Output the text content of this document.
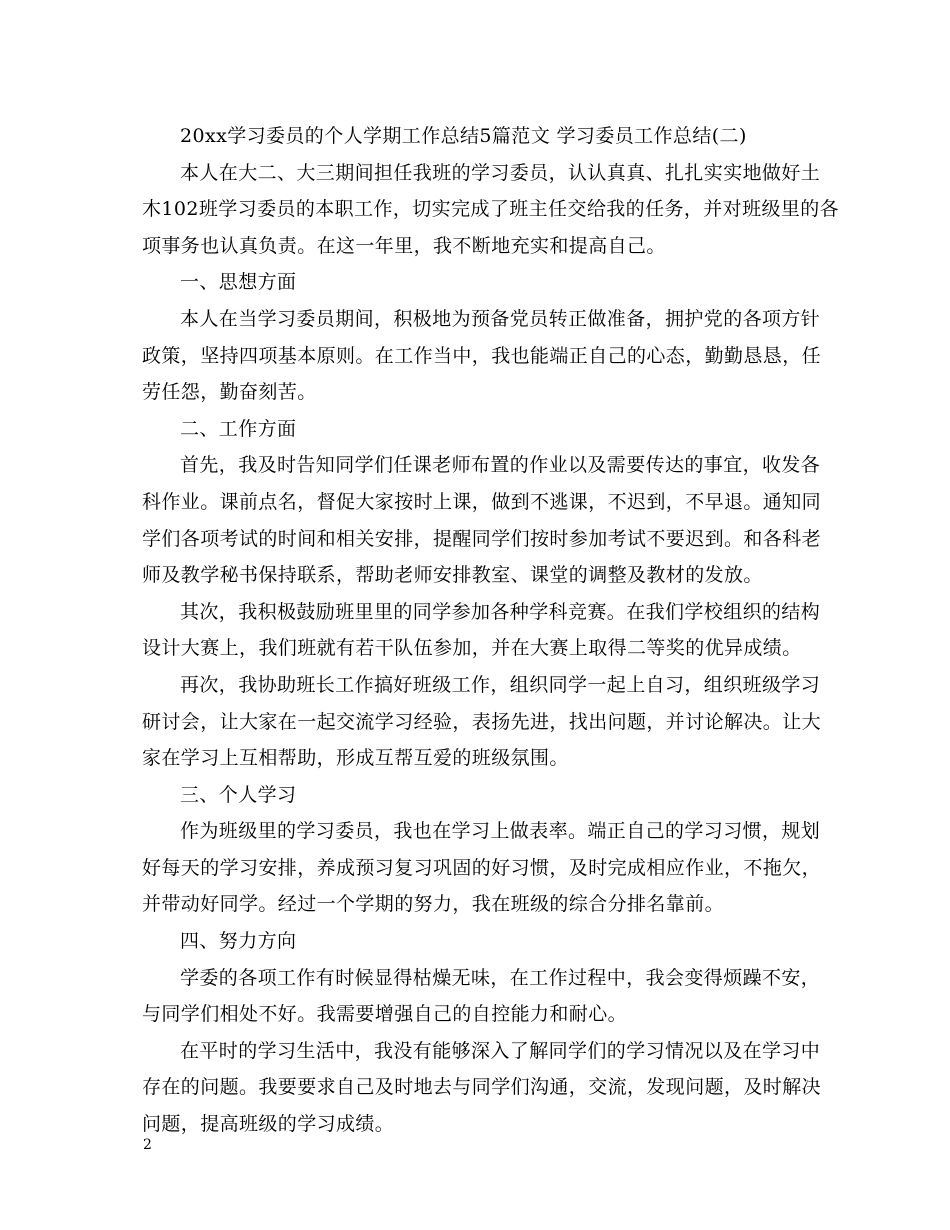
20xx学习委员的个人学期工作总结5篇范文 学习委员工作总结(二)
本人在大二、大三期间担任我班的学习委员，认认真真、扎扎实实地做好土
木102班学习委员的本职工作，切实完成了班主任交给我的任务，并对班级里的各
项事务也认真负责。在这一年里，我不断地充实和提高自己。
一、思想方面
本人在当学习委员期间，积极地为预备党员转正做准备，拥护党的各项方针
政策，坚持四项基本原则。在工作当中，我也能端正自己的心态，勤勤恳恳，任
劳任怨，勤奋刻苦。
二、工作方面
首先，我及时告知同学们任课老师布置的作业以及需要传达的事宜，收发各
科作业。课前点名，督促大家按时上课，做到不逃课，不迟到，不早退。通知同
学们各项考试的时间和相关安排，提醒同学们按时参加考试不要迟到。和各科老
师及教学秘书保持联系，帮助老师安排教室、课堂的调整及教材的发放。
其次，我积极鼓励班里里的同学参加各种学科竞赛。在我们学校组织的结构
设计大赛上，我们班就有若干队伍参加，并在大赛上取得二等奖的优异成绩。
再次，我协助班长工作搞好班级工作，组织同学一起上自习，组织班级学习
研讨会，让大家在一起交流学习经验，表扬先进，找出问题，并讨论解决。让大
家在学习上互相帮助，形成互帮互爱的班级氛围。
三、个人学习
作为班级里的学习委员，我也在学习上做表率。端正自己的学习习惯，规划
好每天的学习安排，养成预习复习巩固的好习惯，及时完成相应作业，不拖欠，
并带动好同学。经过一个学期的努力，我在班级的综合分排名靠前。
四、努力方向
学委的各项工作有时候显得枯燥无味，在工作过程中，我会变得烦躁不安，
与同学们相处不好。我需要增强自己的自控能力和耐心。
在平时的学习生活中，我没有能够深入了解同学们的学习情况以及在学习中
存在的问题。我要要求自己及时地去与同学们沟通，交流，发现问题，及时解决
问题，提高班级的学习成绩。
2
